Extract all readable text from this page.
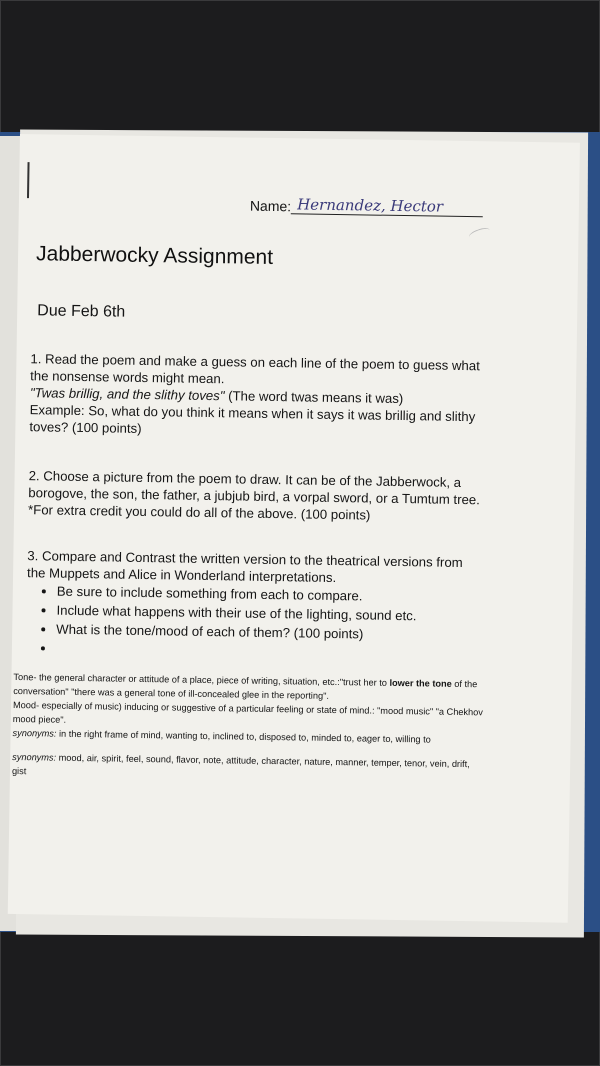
Name: Hernandez, Hector
Jabberwocky Assignment
Due Feb 6th

1. Read the poem and make a guess on each line of the poem to guess what the nonsense words might mean.

"Twas brillig, and the slithy toves" (The word twas means it was)

Example: So, what do you think it means when it says it was brillig and slithy toves? (100 points)

2. Choose a picture from the poem to draw. It can be of the Jabberwock, a borogove, the son, the father, a jubjub bird, a vorpal sword, or a Tumtum tree. *For extra credit you could do all of the above. (100 points)

3. Compare and Contrast the written version to the theatrical versions from the Muppets and Alice in Wonderland interpretations.

• Be sure to include something from each to compare.
• Include what happens with their use of the lighting, sound etc.
• What is the tone/mood of each of them? (100 points)
•

Tone- the general character or attitude of a place, piece of writing, situation, etc.:"trust her to lower the tone of the conversation" "there was a general tone of ill-concealed glee in the reporting".

Mood- especially of music) inducing or suggestive of a particular feeling or state of mind.: "mood music" "a Chekhov mood piece".

synonyms: in the right frame of mind, wanting to, inclined to, disposed to, minded to, eager to, willing to

synonyms: mood, air, spirit, feel, sound, flavor, note, attitude, character, nature, manner, temper, tenor, vein, drift, gist
